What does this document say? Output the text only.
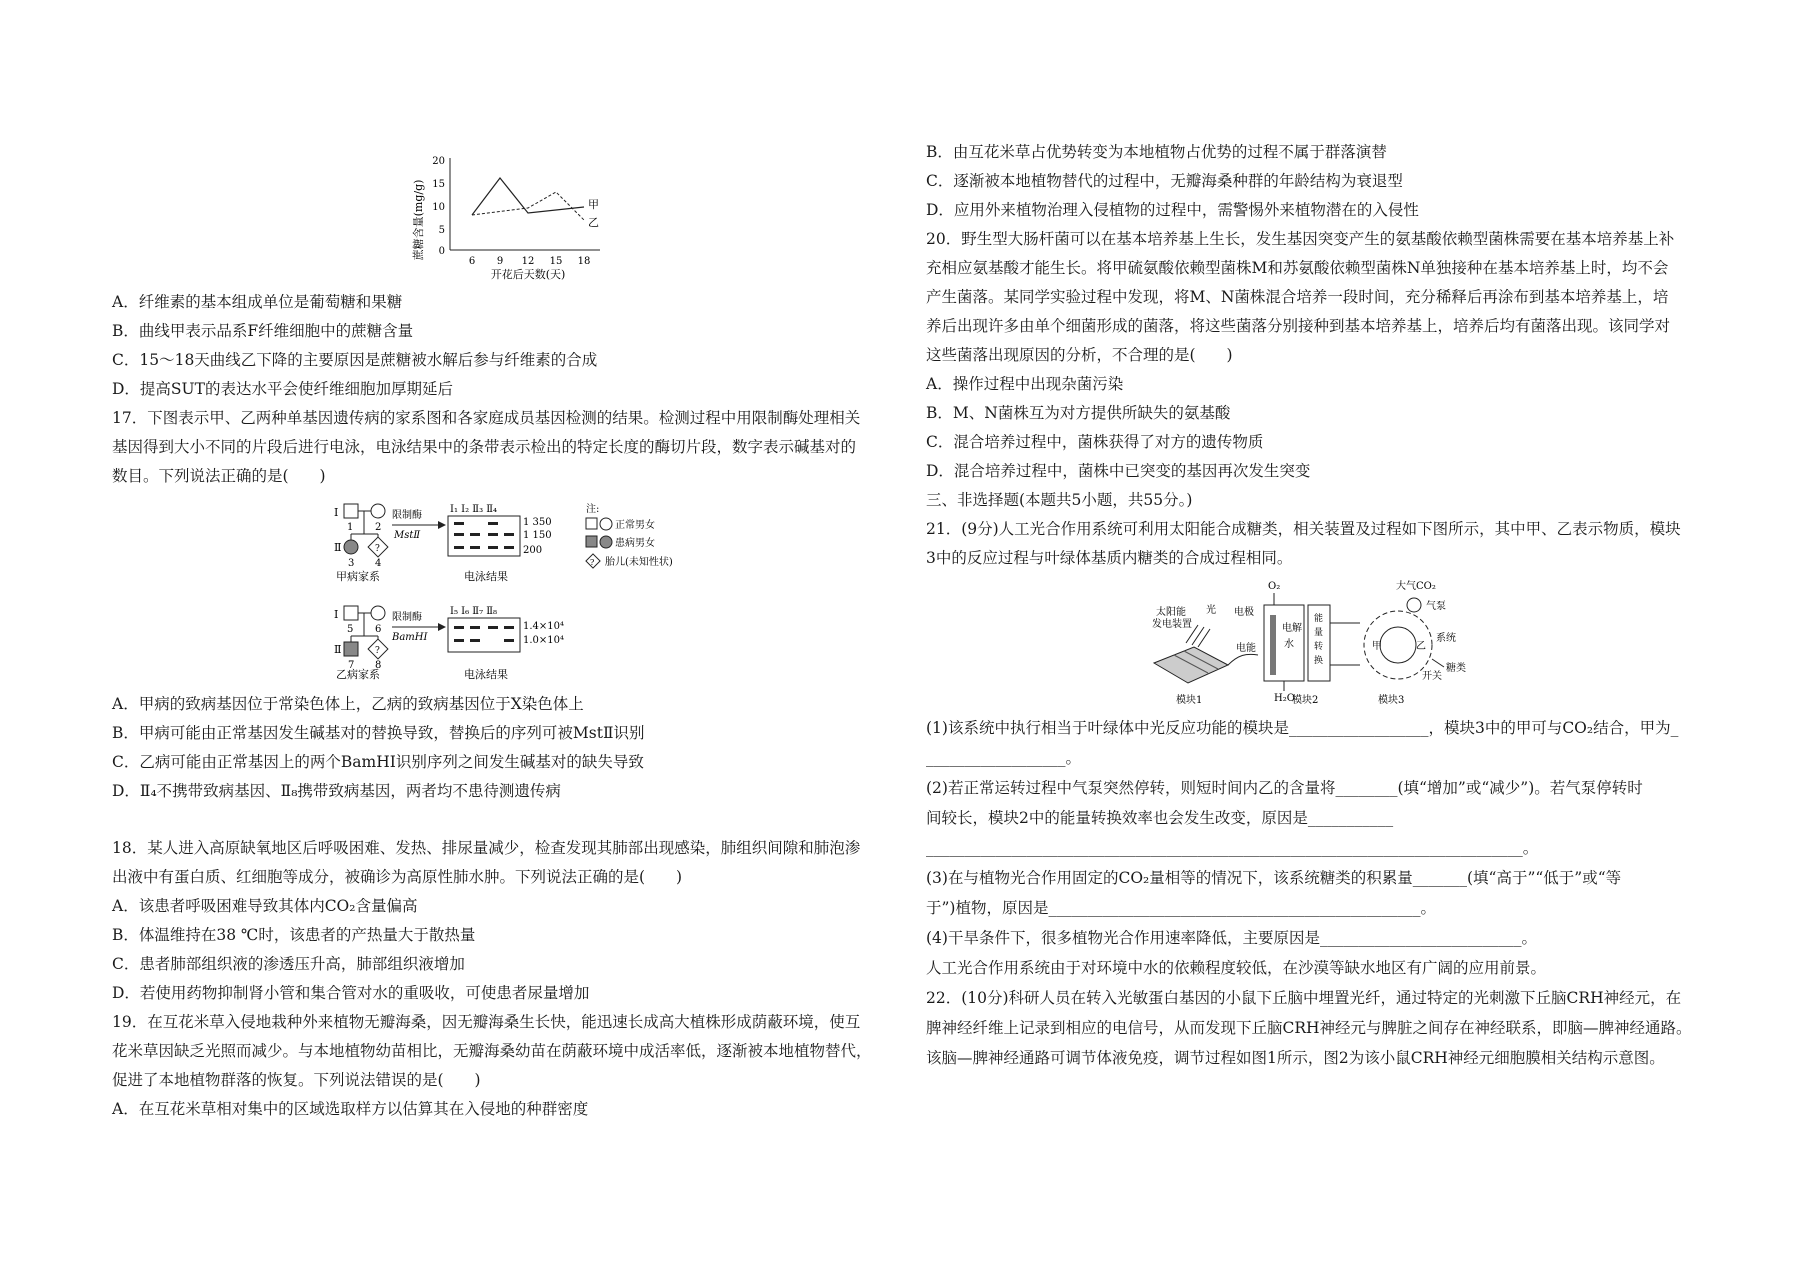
蔗糖含量(mg/g)
20
15
10
5
0
6 9 12 15 18
开花后天数(天)
甲
乙
A．纤维素的基本组成单位是葡萄糖和果糖
B．曲线甲表示品系F纤维细胞中的蔗糖含量
C．15～18天曲线乙下降的主要原因是蔗糖被水解后参与纤维素的合成
D．提高SUT的表达水平会使纤维细胞加厚期延后
17．下图表示甲、乙两种单基因遗传病的家系图和各家庭成员基因检测的结果。检测过程中用限制酶处理相关
基因得到大小不同的片段后进行电泳，电泳结果中的条带表示检出的特定长度的酶切片段，数字表示碱基对的
数目。下列说法正确的是(　　)
Ⅰ
1 2
Ⅱ	?
3 4
甲病家系
限制酶
MstⅡ
Ⅰ₁ Ⅰ₂ Ⅱ₃ Ⅱ₄
1 350
1 150
200
电泳结果
注:
正常男女
患病男女
? 胎儿(未知性状)
Ⅰ
5 6
Ⅱ	?
7 8
乙病家系
限制酶
BamHⅠ
Ⅰ₅ Ⅰ₆ Ⅱ₇ Ⅱ₈
1.4×10⁴
1.0×10⁴
电泳结果
A．甲病的致病基因位于常染色体上，乙病的致病基因位于X染色体上
B．甲病可能由正常基因发生碱基对的替换导致，替换后的序列可被MstⅡ识别
C．乙病可能由正常基因上的两个BamHⅠ识别序列之间发生碱基对的缺失导致
D．Ⅱ₄不携带致病基因、Ⅱ₈携带致病基因，两者均不患待测遗传病
18．某人进入高原缺氧地区后呼吸困难、发热、排尿量减少，检查发现其肺部出现感染，肺组织间隙和肺泡渗
出液中有蛋白质、红细胞等成分，被确诊为高原性肺水肿。下列说法正确的是(　　)
A．该患者呼吸困难导致其体内CO₂含量偏高
B．体温维持在38 ℃时，该患者的产热量大于散热量
C．患者肺部组织液的渗透压升高，肺部组织液增加
D．若使用药物抑制肾小管和集合管对水的重吸收，可使患者尿量增加
19．在互花米草入侵地栽种外来植物无瓣海桑，因无瓣海桑生长快，能迅速长成高大植株形成荫蔽环境，使互
花米草因缺乏光照而减少。与本地植物幼苗相比，无瓣海桑幼苗在荫蔽环境中成活率低，逐渐被本地植物替代，
促进了本地植物群落的恢复。下列说法错误的是(　　)
A．在互花米草相对集中的区域选取样方以估算其在入侵地的种群密度
B．由互花米草占优势转变为本地植物占优势的过程不属于群落演替
C．逐渐被本地植物替代的过程中，无瓣海桑种群的年龄结构为衰退型
D．应用外来植物治理入侵植物的过程中，需警惕外来植物潜在的入侵性
20．野生型大肠杆菌可以在基本培养基上生长，发生基因突变产生的氨基酸依赖型菌株需要在基本培养基上补
充相应氨基酸才能生长。将甲硫氨酸依赖型菌株M和苏氨酸依赖型菌株N单独接种在基本培养基上时，均不会
产生菌落。某同学实验过程中发现，将M、N菌株混合培养一段时间，充分稀释后再涂布到基本培养基上，培
养后出现许多由单个细菌形成的菌落，将这些菌落分别接种到基本培养基上，培养后均有菌落出现。该同学对
这些菌落出现原因的分析，不合理的是(　　)
A．操作过程中出现杂菌污染
B．M、N菌株互为对方提供所缺失的氨基酸
C．混合培养过程中，菌株获得了对方的遗传物质
D．混合培养过程中，菌株中已突变的基因再次发生突变
三、非选择题(本题共5小题，共55分。)
21．(9分)人工光合作用系统可利用太阳能合成糖类，相关装置及过程如下图所示，其中甲、乙表示物质，模块
3中的反应过程与叶绿体基质内糖类的合成过程相同。
太阳能
发电装置
光
模块1
电极
电能
O₂
电解
水
能
量
转
换
H₂O
模块2
大气CO₂
气泵
甲	乙
系统
开关
糖类
模块3
(1)该系统中执行相当于叶绿体中光反应功能的模块是__________________，模块3中的甲可与CO₂结合，甲为_
__________________。
(2)若正常运转过程中气泵突然停转，则短时间内乙的含量将________(填“增加”或“减少”)。若气泵停转时
间较长，模块2中的能量转换效率也会发生改变，原因是___________
_____________________________________________________________________________。
(3)在与植物光合作用固定的CO₂量相等的情况下，该系统糖类的积累量_______(填“高于”“低于”或“等
于”)植物，原因是________________________________________________。
(4)干旱条件下，很多植物光合作用速率降低，主要原因是__________________________。
人工光合作用系统由于对环境中水的依赖程度较低，在沙漠等缺水地区有广阔的应用前景。
22．(10分)科研人员在转入光敏蛋白基因的小鼠下丘脑中埋置光纤，通过特定的光刺激下丘脑CRH神经元，在
脾神经纤维上记录到相应的电信号，从而发现下丘脑CRH神经元与脾脏之间存在神经联系，即脑—脾神经通路。
该脑—脾神经通路可调节体液免疫，调节过程如图1所示，图2为该小鼠CRH神经元细胞膜相关结构示意图。
